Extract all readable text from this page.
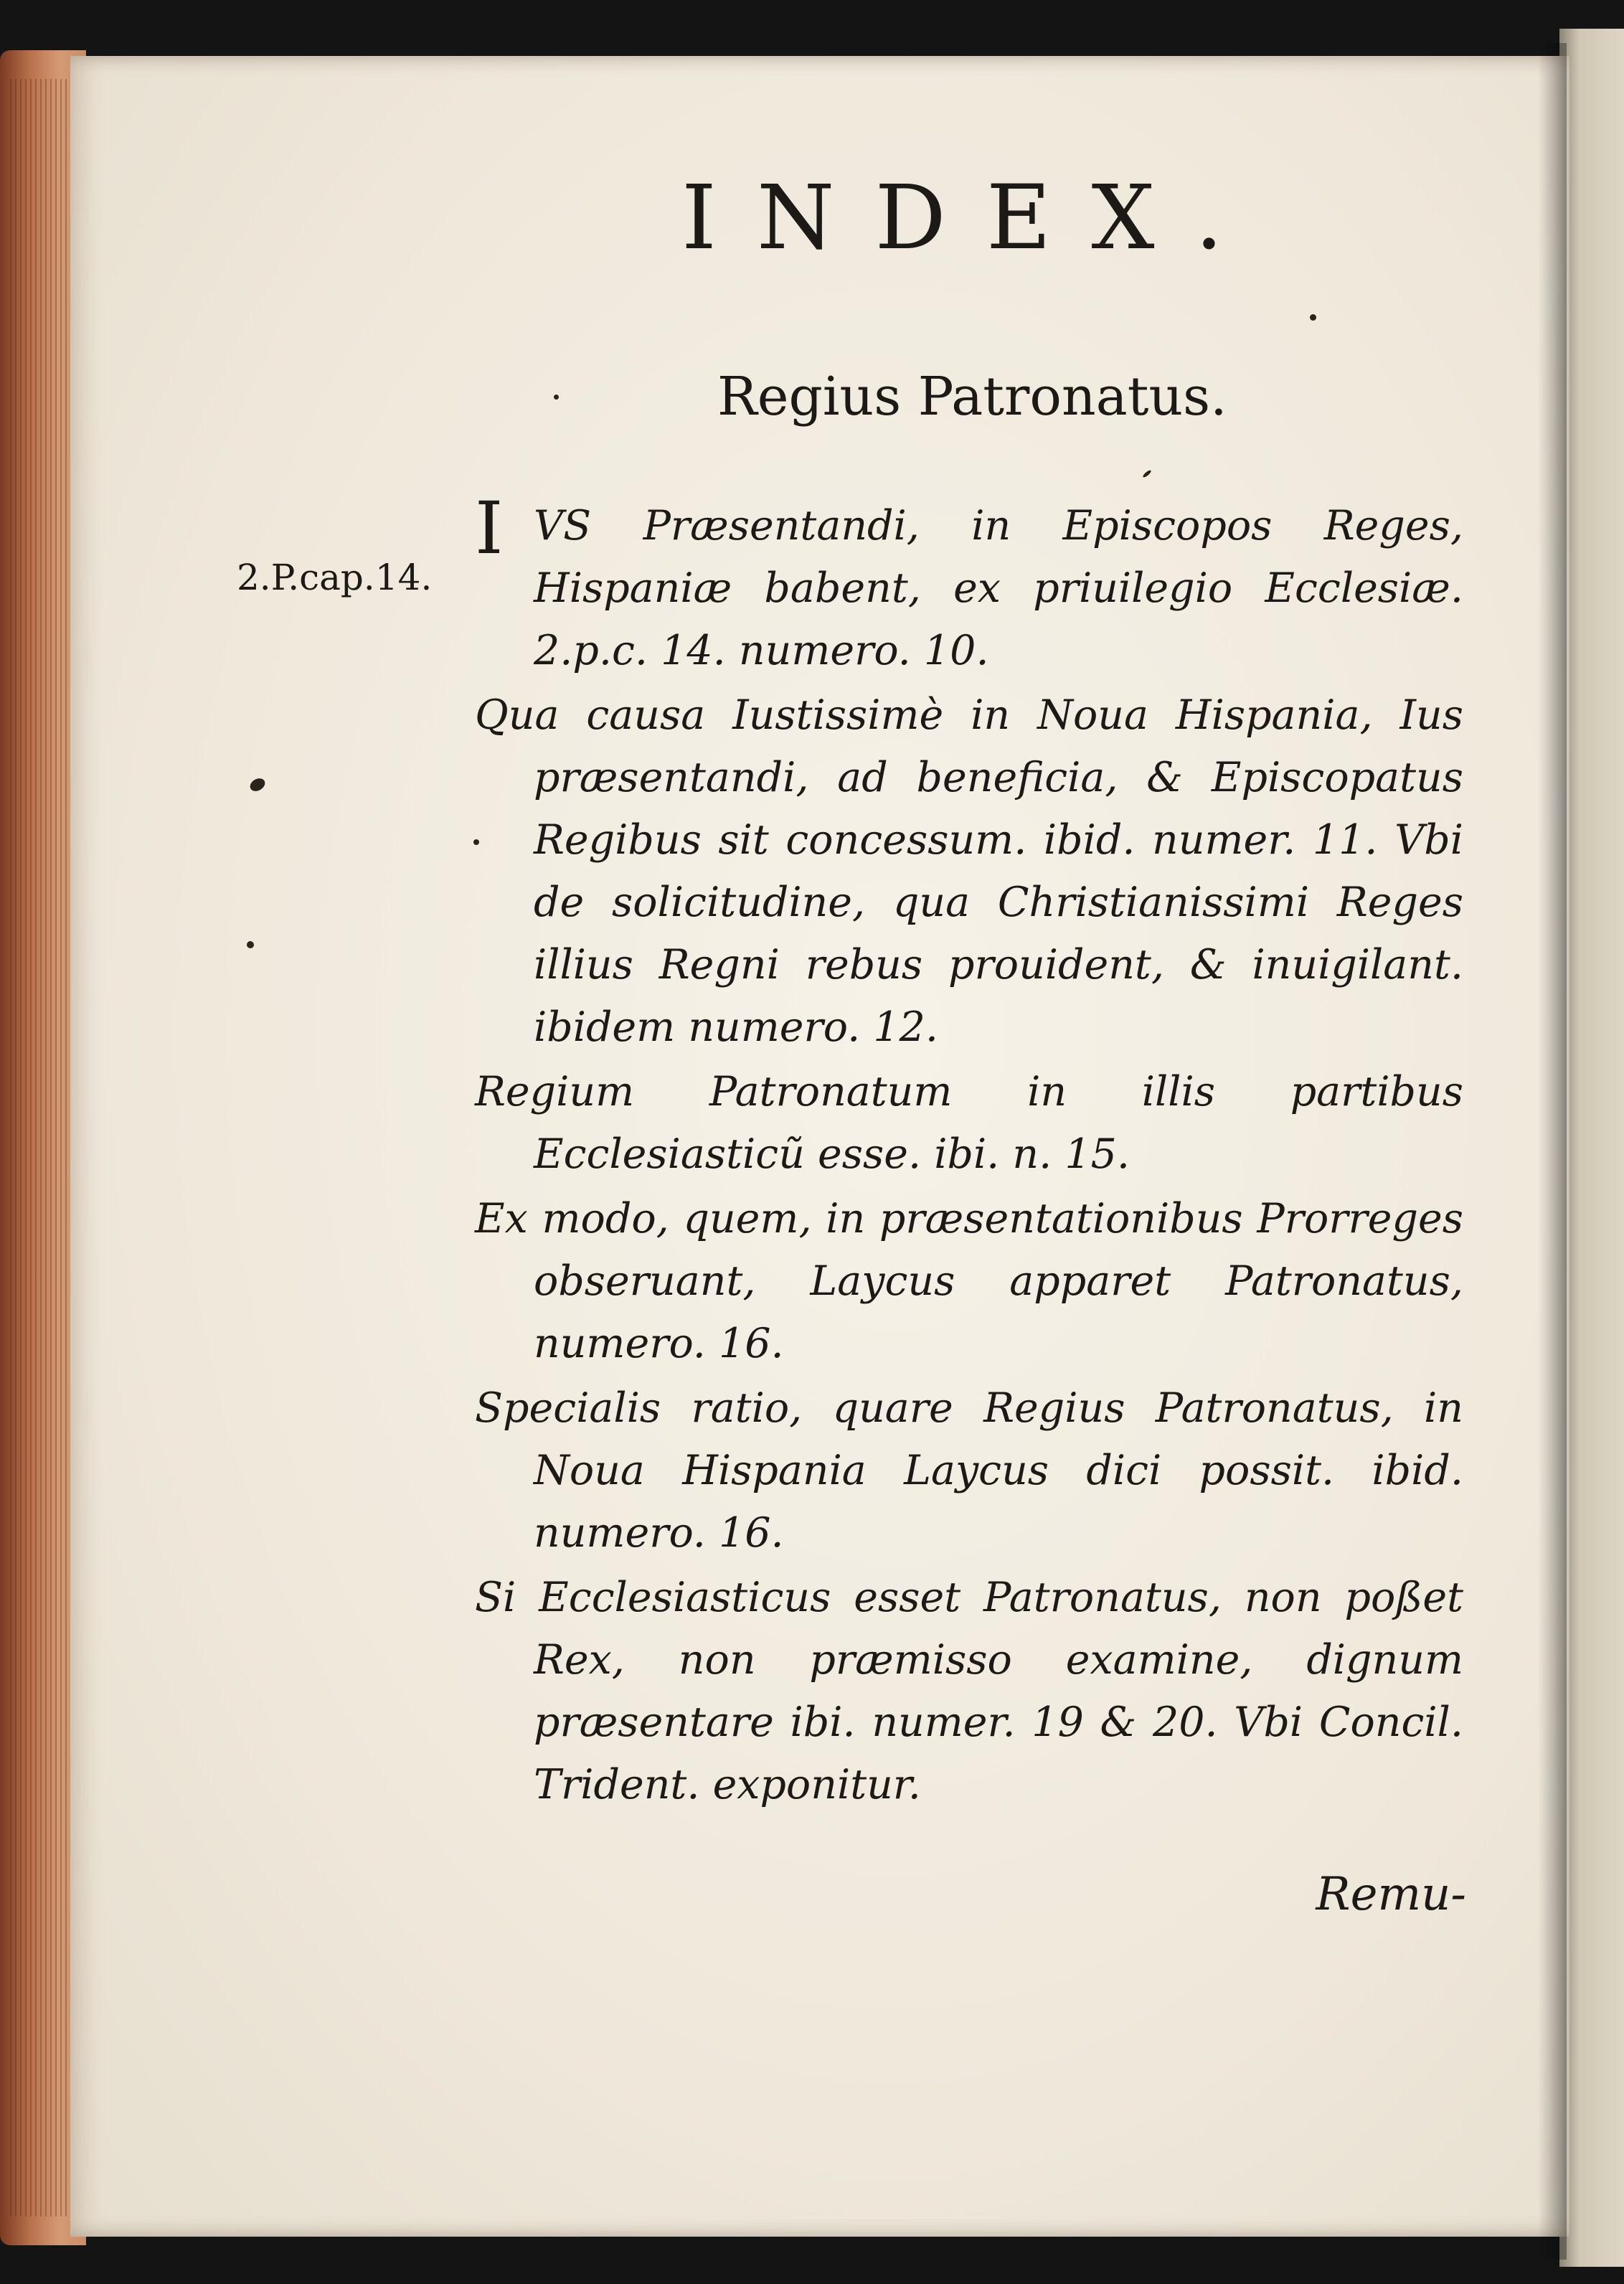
INDEX.
Regius Patronatus.
2.P.cap.14.

I VS Præsentandi, in Episcopos Reges, Hispaniæ babent, ex priuilegio Ecclesiæ. 2.p.c. 14. numero. 10.

Qua causa Iustissimè in Noua Hispania, Ius præsentandi, ad beneficia, & Episcopatus Regibus sit concessum. ibid. numer. 11. Vbi de solicitudine, qua Christianissimi Reges illius Regni rebus prouident, & inuigilant. ibidem numero. 12.

Regium Patronatum in illis partibus Ecclesiasticũ esse. ibi. n. 15.

Ex modo, quem, in præsentationibus Prorreges obseruant, Laycus apparet Patronatus, numero. 16.

Specialis ratio, quare Regius Patronatus, in Noua Hispania Laycus dici possit. ibid. numero. 16.

Si Ecclesiasticus esset Patronatus, non poßet Rex, non præmisso examine, dignum præsentare ibi. numer. 19 & 20. Vbi Concil. Trident. exponitur.

Remu-
